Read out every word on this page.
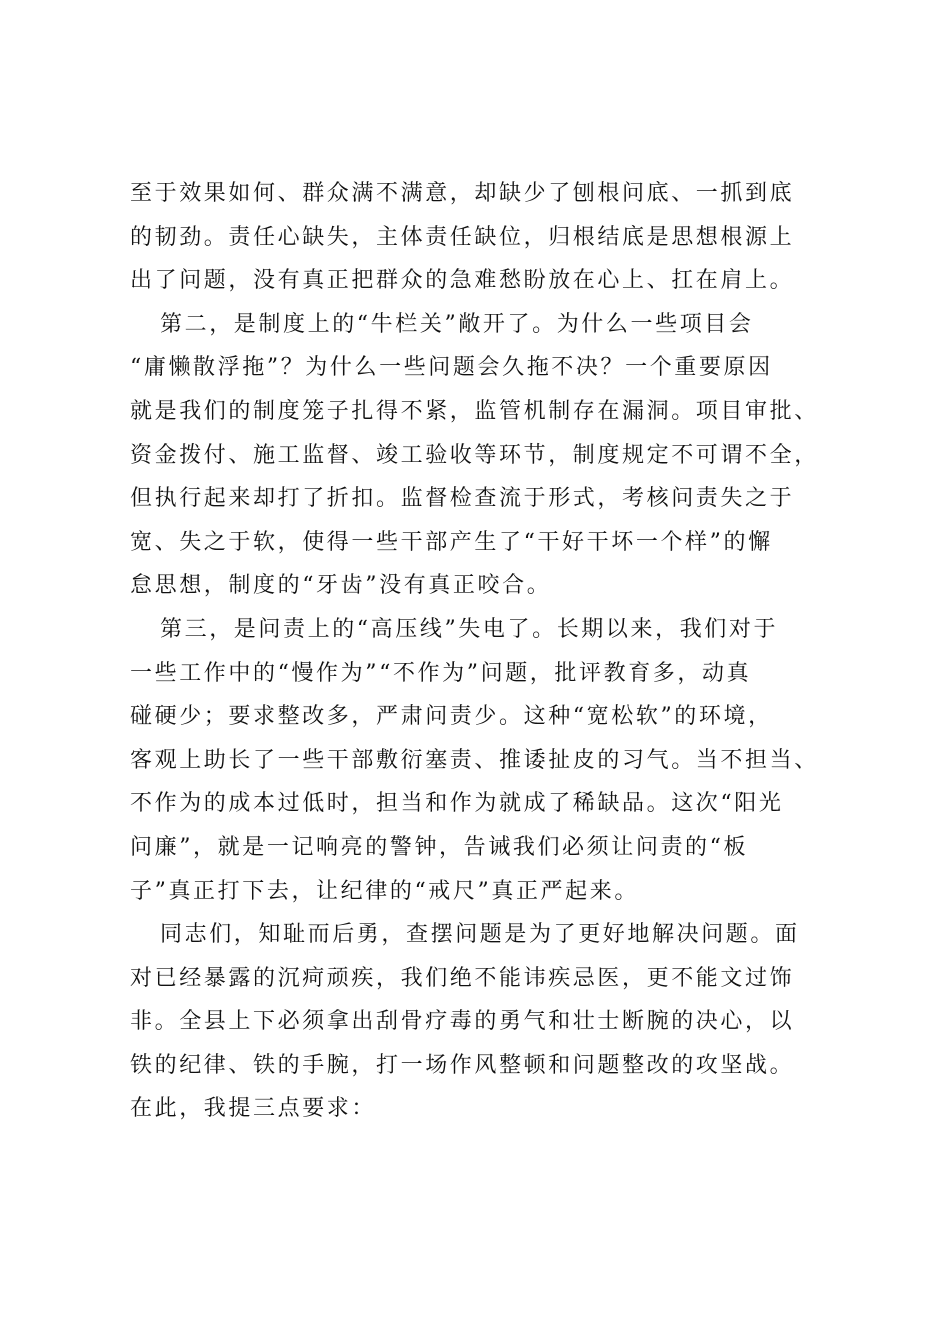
至于效果如何、群众满不满意，却缺少了刨根问底、一抓到底
的韧劲。责任心缺失，主体责任缺位，归根结底是思想根源上
出了问题，没有真正把群众的急难愁盼放在心上、扛在肩上。
第二，是制度上的“牛栏关”敞开了。为什么一些项目会
“庸懒散浮拖”？为什么一些问题会久拖不决？一个重要原因
就是我们的制度笼子扎得不紧，监管机制存在漏洞。项目审批、
资金拨付、施工监督、竣工验收等环节，制度规定不可谓不全，
但执行起来却打了折扣。监督检查流于形式，考核问责失之于
宽、失之于软，使得一些干部产生了“干好干坏一个样”的懈
怠思想，制度的“牙齿”没有真正咬合。
第三，是问责上的“高压线”失电了。长期以来，我们对于
一些工作中的“慢作为”“不作为”问题，批评教育多，动真
碰硬少；要求整改多，严肃问责少。这种“宽松软”的环境，
客观上助长了一些干部敷衍塞责、推诿扯皮的习气。当不担当、
不作为的成本过低时，担当和作为就成了稀缺品。这次“阳光
问廉”，就是一记响亮的警钟，告诫我们必须让问责的“板
子”真正打下去，让纪律的“戒尺”真正严起来。
同志们，知耻而后勇，查摆问题是为了更好地解决问题。面
对已经暴露的沉疴顽疾，我们绝不能讳疾忌医，更不能文过饰
非。全县上下必须拿出刮骨疗毒的勇气和壮士断腕的决心，以
铁的纪律、铁的手腕，打一场作风整顿和问题整改的攻坚战。
在此，我提三点要求：
